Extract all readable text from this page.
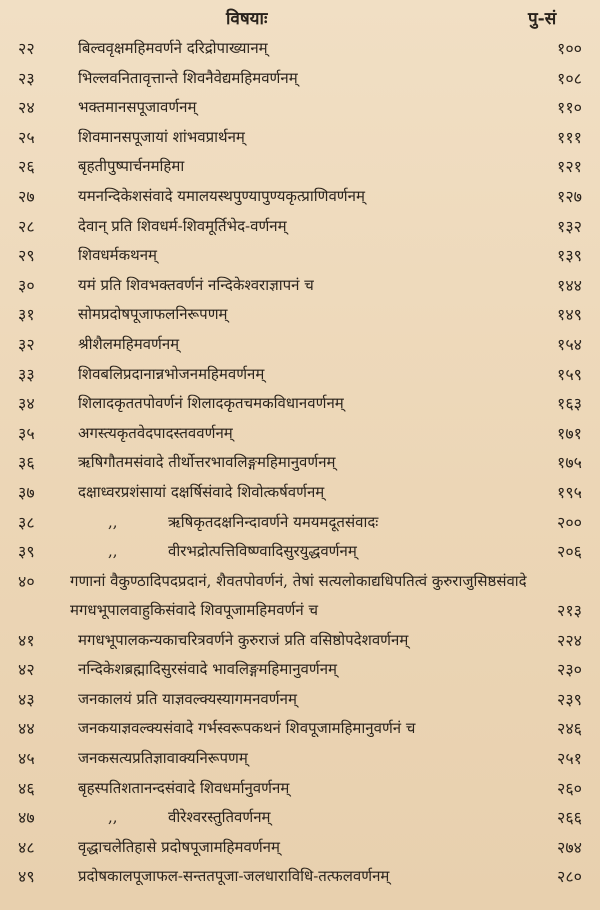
विषयाः	पु-सं
२२	बिल्ववृक्षमहिमवर्णने दरिद्रोपाख्यानम्	१००
२३	भिल्लवनितावृत्तान्ते शिवनैवेद्यमहिमवर्णनम्	१०८
२४	भक्तमानसपूजावर्णनम्	११०
२५	शिवमानसपूजायां शांभवप्रार्थनम्	१११
२६	बृहतीपुष्पार्चनमहिमा	१२१
२७	यमनन्दिकेशसंवादे यमालयस्थपुण्यापुण्यकृत्प्राणिवर्णनम्	१२७
२८	देवान् प्रति शिवधर्म-शिवमूर्तिभेद-वर्णनम्	१३२
२९	शिवधर्मकथनम्	१३९
३०	यमं प्रति शिवभक्तवर्णनं नन्दिकेश्वराज्ञापनं च	१४४
३१	सोमप्रदोषपूजाफलनिरूपणम्	१४९
३२	श्रीशैलमहिमवर्णनम्	१५४
३३	शिवबलिप्रदानान्नभोजनमहिमवर्णनम्	१५९
३४	शिलादकृततपोवर्णनं शिलादकृतचमकविधानवर्णनम्	१६३
३५	अगस्त्यकृतवेदपादस्तववर्णनम्	१७१
३६	ऋषिगौतमसंवादे तीर्थोत्तरभावलिङ्गमहिमानुवर्णनम्	१७५
३७	दक्षाध्वरप्रशंसायां दक्षर्षिसंवादे शिवोत्कर्षवर्णनम्	१९५
३८	,,	ऋषिकृतदक्षनिन्दावर्णने यमयमदूतसंवादः	२००
३९	,,	वीरभद्रोत्पत्तिविष्ण्वादिसुरयुद्धवर्णनम्	२०६
४०	गणानां वैकुण्ठादिपदप्रदानं, शैवतपोवर्णनं, तेषां सत्यलोकाद्यधिपतित्वं कुरुराजुसिष्ठसंवादे मगधभूपालवाहुकिसंवादे शिवपूजामहिमवर्णनं च	२१३
४१	मगधभूपालकन्यकाचरित्रवर्णने कुरुराजं प्रति वसिष्ठोपदेशवर्णनम्	२२४
४२	नन्दिकेशब्रह्मादिसुरसंवादे भावलिङ्गमहिमानुवर्णनम्	२३०
४३	जनकालयं प्रति याज्ञवल्क्यस्यागमनवर्णनम्	२३९
४४	जनकयाज्ञवल्क्यसंवादे गर्भस्वरूपकथनं शिवपूजामहिमानुवर्णनं च	२४६
४५	जनकसत्यप्रतिज्ञावाक्यनिरूपणम्	२५१
४६	बृहस्पतिशतानन्दसंवादे शिवधर्मानुवर्णनम्	२६०
४७	,,	वीरेश्वरस्तुतिवर्णनम्	२६६
४८	वृद्धाचलेतिहासे प्रदोषपूजामहिमवर्णनम्	२७४
४९	प्रदोषकालपूजाफल-सन्ततपूजा-जलधाराविधि-तत्फलवर्णनम्	२८०
